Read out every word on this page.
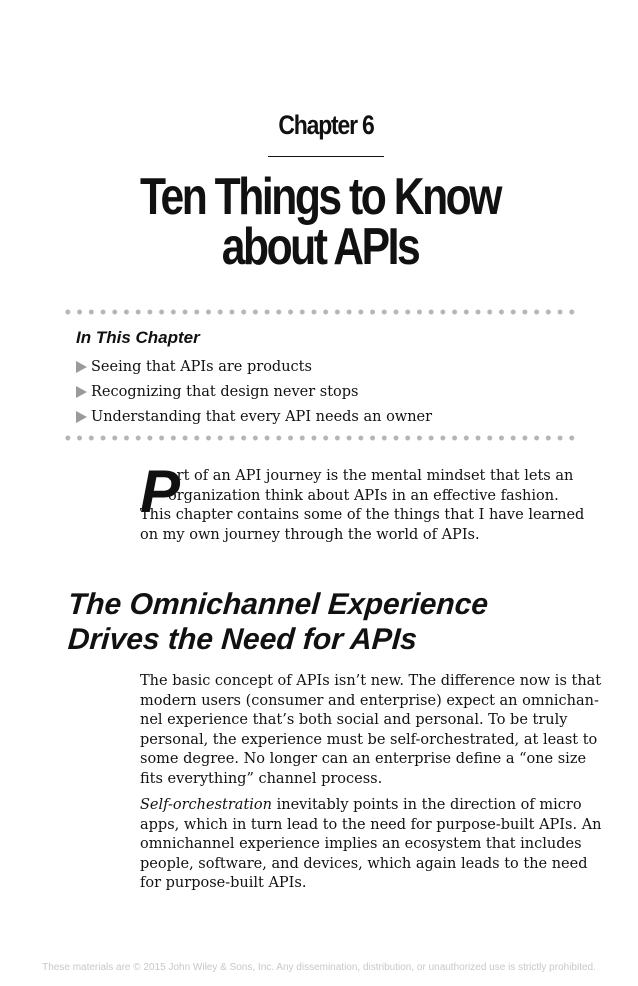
Chapter 6
Ten Things to Know
about APIs
In This Chapter
Seeing that APIs are products
Recognizing that design never stops
Understanding that every API needs an owner
P
art of an API journey is the mental mindset that lets an
organization think about APIs in an effective fashion.
This chapter contains some of the things that I have learned
on my own journey through the world of APIs.
The Omnichannel Experience
Drives the Need for APIs
The basic concept of APIs isn’t new. The difference now is that
modern users (consumer and enterprise) expect an omnichan-
nel experience that’s both social and personal. To be truly
personal, the experience must be self-orchestrated, at least to
some degree. No longer can an enterprise define a “one size
fits everything” channel process.
Self-orchestration inevitably points in the direction of micro
apps, which in turn lead to the need for purpose-built APIs. An
omnichannel experience implies an ecosystem that includes
people, software, and devices, which again leads to the need
for purpose-built APIs.
These materials are © 2015 John Wiley & Sons, Inc. Any dissemination, distribution, or unauthorized use is strictly prohibited.
